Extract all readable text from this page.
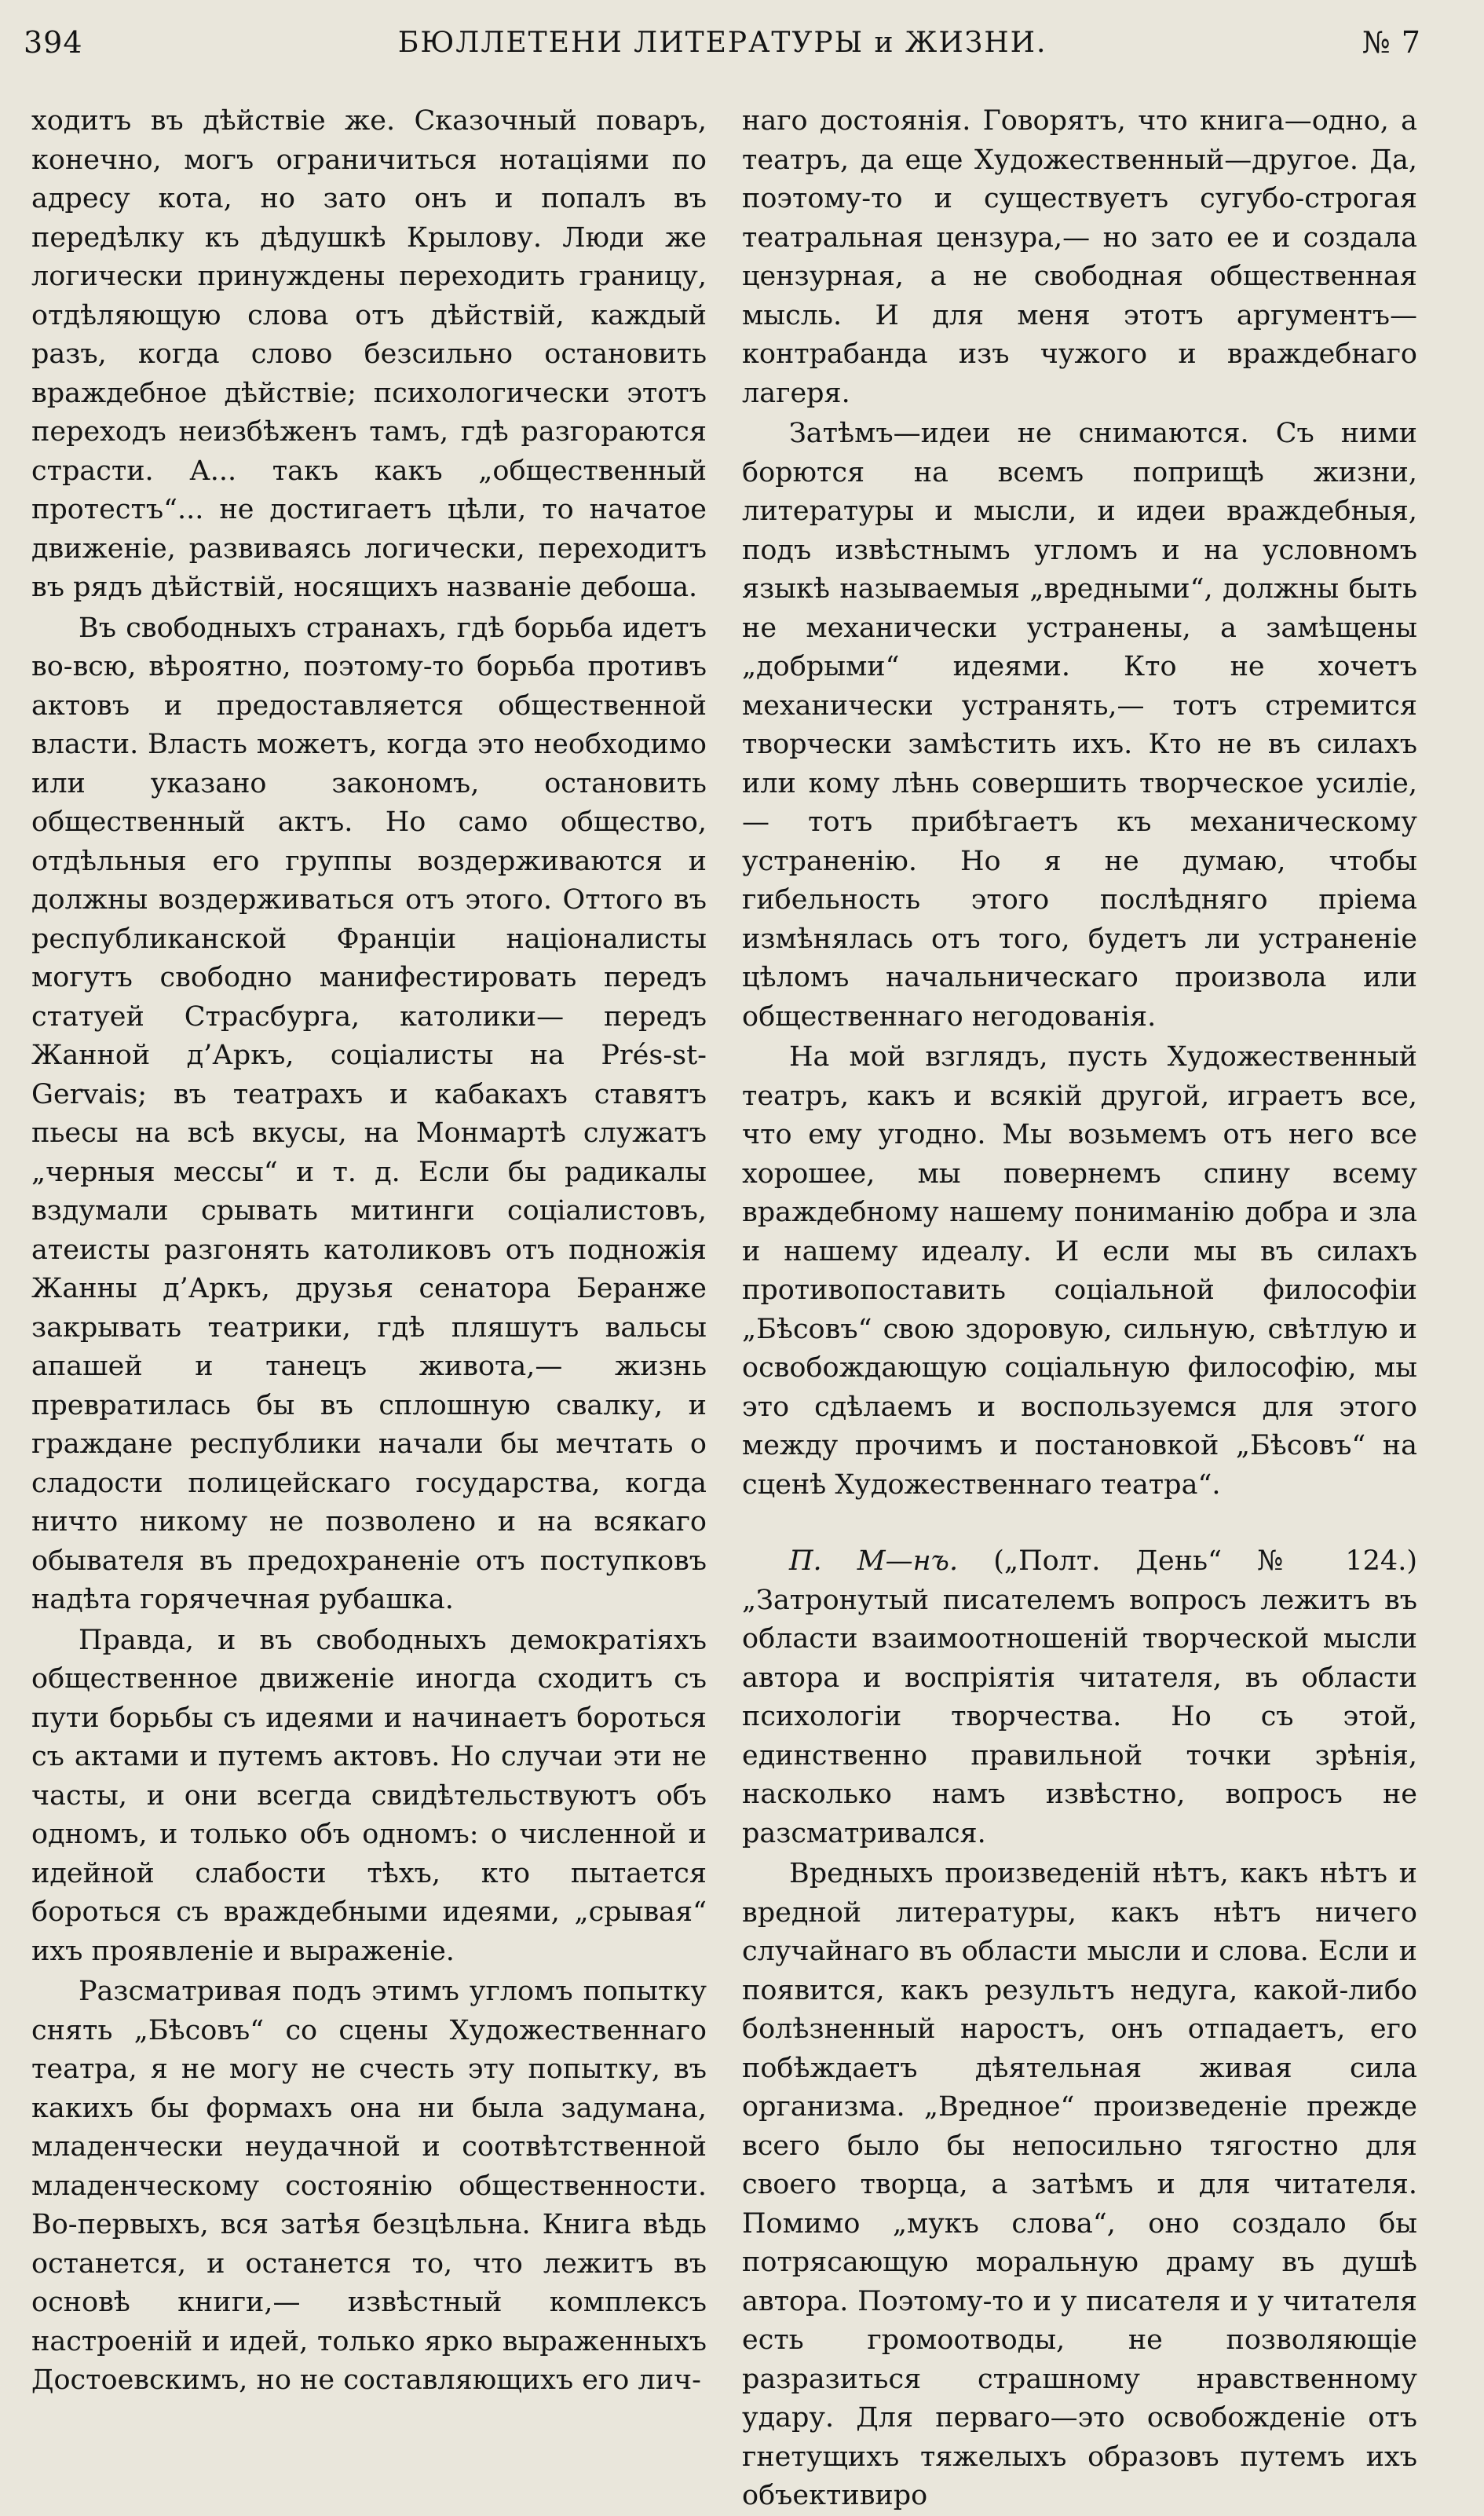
394	БЮЛЛЕТЕНИ ЛИТЕРАТУРЫ и ЖИЗНИ.	№ 7

ходитъ въ дѣйствіе же. Сказочный поваръ, конечно, могъ ограничиться нотаціями по адресу кота, но зато онъ и попалъ въ передѣлку къ дѣдушкѣ Крылову. Люди же логически принуждены переходить границу, отдѣляющую слова отъ дѣйствій, каждый разъ, когда слово безсильно остановить враждебное дѣйствіе; психологически этотъ переходъ неизбѣженъ тамъ, гдѣ разгораются страсти. А... такъ какъ „общественный протестъ“... не достигаетъ цѣли, то начатое движеніе, развиваясь логически, переходитъ въ рядъ дѣйствій, носящихъ названіе дебоша.

Въ свободныхъ странахъ, гдѣ борьба идетъ во-всю, вѣроятно, поэтому-то борьба противъ актовъ и предоставляется общественной власти. Власть можетъ, когда это необходимо или указано закономъ, остановить общественный актъ. Но само общество, отдѣльныя его группы воздерживаются и должны воздерживаться отъ этого. Оттого въ республиканской Франціи націоналисты могутъ свободно манифестировать передъ статуей Страсбурга, католики— передъ Жанной д’Аркъ, соціалисты на Prés-st-Gervais; въ театрахъ и кабакахъ ставятъ пьесы на всѣ вкусы, на Монмартѣ служатъ „черныя мессы“ и т. д. Если бы радикалы вздумали срывать митинги соціалистовъ, атеисты разгонять католиковъ отъ подножія Жанны д’Аркъ, друзья сенатора Беранже закрывать театрики, гдѣ пляшутъ вальсы апашей и танецъ живота,— жизнь превратилась бы въ сплошную свалку, и граждане республики начали бы мечтать о сладости полицейскаго государства, когда ничто никому не позволено и на всякаго обывателя въ предохраненіе отъ поступковъ надѣта горячечная рубашка.

Правда, и въ свободныхъ демократіяхъ общественное движеніе иногда сходитъ съ пути борьбы съ идеями и начинаетъ бороться съ актами и путемъ актовъ. Но случаи эти не часты, и они всегда свидѣтельствуютъ объ одномъ, и только объ одномъ: о численной и идейной слабости тѣхъ, кто пытается бороться съ враждебными идеями, „срывая“ ихъ проявленіе и выраженіе.

Разсматривая подъ этимъ угломъ попытку снять „Бѣсовъ“ со сцены Художественнаго театра, я не могу не счесть эту попытку, въ какихъ бы формахъ она ни была задумана, младенчески неудачной и соотвѣтственной младенческому состоянію общественности. Во-первыхъ, вся затѣя безцѣльна. Книга вѣдь останется, и останется то, что лежитъ въ основѣ книги,— извѣстный комплексъ настроеній и идей, только ярко выраженныхъ Достоевскимъ, но не составляющихъ его лич-

наго достоянія. Говорятъ, что книга—одно, а театръ, да еще Художественный—другое. Да, поэтому-то и существуетъ сугубо-строгая театральная цензура,— но зато ее и создала цензурная, а не свободная общественная мысль. И для меня этотъ аргументъ—контрабанда изъ чужого и враждебнаго лагеря.

Затѣмъ—идеи не снимаются. Съ ними борются на всемъ поприщѣ жизни, литературы и мысли, и идеи враждебныя, подъ извѣстнымъ угломъ и на условномъ языкѣ называемыя „вредными“, должны быть не механически устранены, а замѣщены „добрыми“ идеями. Кто не хочетъ механически устранять,— тотъ стремится творчески замѣстить ихъ. Кто не въ силахъ или кому лѣнь совершить творческое усиліе,— тотъ прибѣгаетъ къ механическому устраненію. Но я не думаю, чтобы гибельность этого послѣдняго пріема измѣнялась отъ того, будетъ ли устраненіе цѣломъ начальническаго произвола или общественнаго негодованія.

На мой взглядъ, пусть Художественный театръ, какъ и всякій другой, играетъ все, что ему угодно. Мы возьмемъ отъ него все хорошее, мы повернемъ спину всему враждебному нашему пониманію добра и зла и нашему идеалу. И если мы въ силахъ противопоставить соціальной философіи „Бѣсовъ“ свою здоровую, сильную, свѣтлую и освобождающую соціальную философію, мы это сдѣлаемъ и воспользуемся для этого между прочимъ и постановкой „Бѣсовъ“ на сценѣ Художественнаго театра“.

П. М—нъ. („Полт. День“ № 124.) „Затронутый писателемъ вопросъ лежитъ въ области взаимоотношеній творческой мысли автора и воспріятія читателя, въ области психологіи творчества. Но съ этой, единственно правильной точки зрѣнія, насколько намъ извѣстно, вопросъ не разсматривался.

Вредныхъ произведеній нѣтъ, какъ нѣтъ и вредной литературы, какъ нѣтъ ничего случайнаго въ области мысли и слова. Если и появится, какъ результъ недуга, какой-либо болѣзненный наростъ, онъ отпадаетъ, его побѣждаетъ дѣятельная живая сила организма. „Вредное“ произведеніе прежде всего было бы непосильно тягостно для своего творца, а затѣмъ и для читателя. Помимо „мукъ слова“, оно создало бы потрясающую моральную драму въ душѣ автора. Поэтому-то и у писателя и у читателя есть громоотводы, не позволяющіе разразиться страшному нравственному удару. Для перваго—это освобожденіе отъ гнетущихъ тяжелыхъ образовъ путемъ ихъ объективиро
